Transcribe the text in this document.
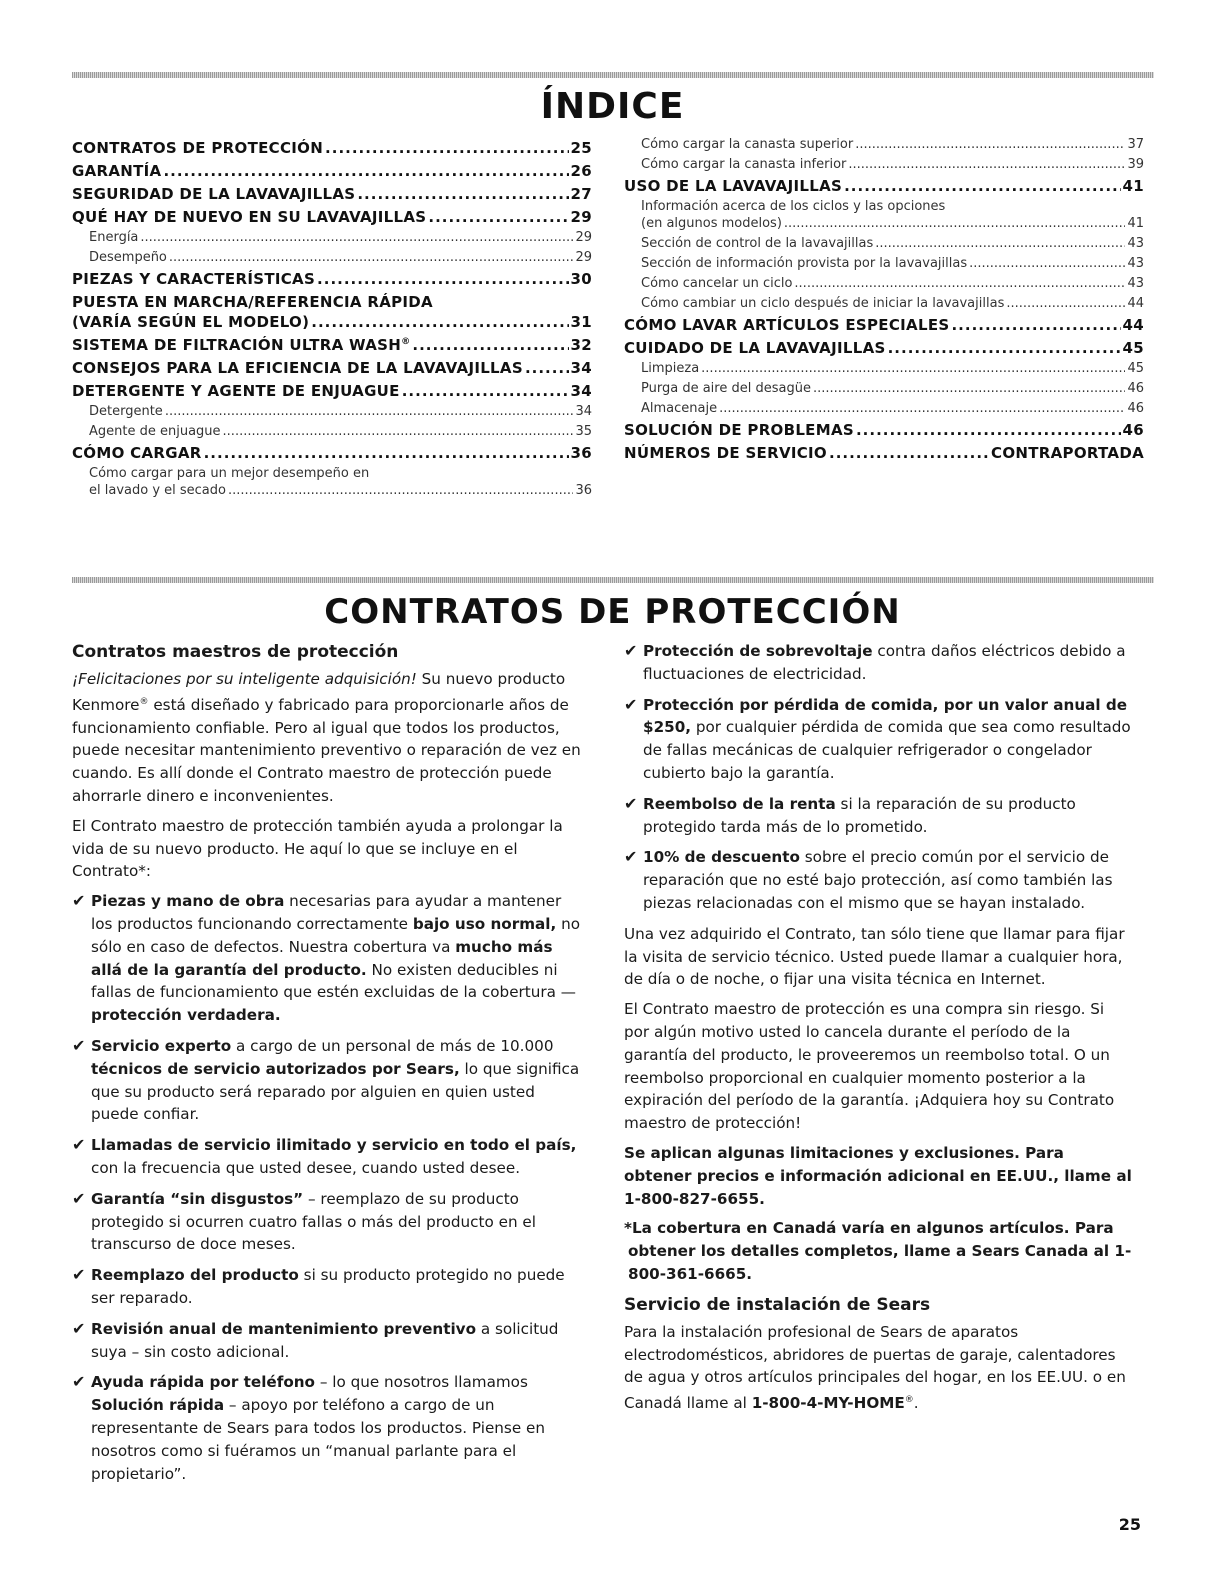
ÍNDICE
CONTRATOS DE PROTECCIÓN .....	25
GARANTÍA .....	26
SEGURIDAD DE LA LAVAVAJILLAS .....	27
QUÉ HAY DE NUEVO EN SU LAVAVAJILLAS .....	29
Energía .....	29
Desempeño .....	29
PIEZAS Y CARACTERÍSTICAS .....	30
PUESTA EN MARCHA/REFERENCIA RÁPIDA
(VARÍA SEGÚN EL MODELO) .....	31
SISTEMA DE FILTRACIÓN ULTRA WASH® .....	32
CONSEJOS PARA LA EFICIENCIA DE LA LAVAVAJILLAS .....	34
DETERGENTE Y AGENTE DE ENJUAGUE .....	34
Detergente .....	34
Agente de enjuague .....	35
CÓMO CARGAR .....	36
Cómo cargar para un mejor desempeño en
el lavado y el secado .....	36
Cómo cargar la canasta superior .....	37
Cómo cargar la canasta inferior .....	39
USO DE LA LAVAVAJILLAS .....	41
Información acerca de los ciclos y las opciones
(en algunos modelos) .....	41
Sección de control de la lavavajillas .....	43
Sección de información provista por la lavavajillas .....	43
Cómo cancelar un ciclo .....	43
Cómo cambiar un ciclo después de iniciar la lavavajillas .....	44
CÓMO LAVAR ARTÍCULOS ESPECIALES .....	44
CUIDADO DE LA LAVAVAJILLAS .....	45
Limpieza .....	45
Purga de aire del desagüe .....	46
Almacenaje .....	46
SOLUCIÓN DE PROBLEMAS .....	46
NÚMEROS DE SERVICIO .....	CONTRAPORTADA
CONTRATOS DE PROTECCIÓN
Contratos maestros de protección

¡Felicitaciones por su inteligente adquisición! Su nuevo producto Kenmore® está diseñado y fabricado para proporcionarle años de funcionamiento confiable. Pero al igual que todos los productos, puede necesitar mantenimiento preventivo o reparación de vez en cuando. Es allí donde el Contrato maestro de protección puede ahorrarle dinero e inconvenientes.

El Contrato maestro de protección también ayuda a prolongar la vida de su nuevo producto. He aquí lo que se incluye en el Contrato*:

✔ Piezas y mano de obra necesarias para ayudar a mantener los productos funcionando correctamente bajo uso normal, no sólo en caso de defectos. Nuestra cobertura va mucho más allá de la garantía del producto. No existen deducibles ni fallas de funcionamiento que estén excluidas de la cobertura — protección verdadera.
✔ Servicio experto a cargo de un personal de más de 10.000 técnicos de servicio autorizados por Sears, lo que significa que su producto será reparado por alguien en quien usted puede confiar.
✔ Llamadas de servicio ilimitado y servicio en todo el país, con la frecuencia que usted desee, cuando usted desee.
✔ Garantía “sin disgustos” – reemplazo de su producto protegido si ocurren cuatro fallas o más del producto en el transcurso de doce meses.
✔ Reemplazo del producto si su producto protegido no puede ser reparado.
✔ Revisión anual de mantenimiento preventivo a solicitud suya – sin costo adicional.
✔ Ayuda rápida por teléfono – lo que nosotros llamamos Solución rápida – apoyo por teléfono a cargo de un representante de Sears para todos los productos. Piense en nosotros como si fuéramos un “manual parlante para el propietario”.
✔ Protección de sobrevoltaje contra daños eléctricos debido a fluctuaciones de electricidad.
✔ Protección por pérdida de comida, por un valor anual de $250, por cualquier pérdida de comida que sea como resultado de fallas mecánicas de cualquier refrigerador o congelador cubierto bajo la garantía.
✔ Reembolso de la renta si la reparación de su producto protegido tarda más de lo prometido.
✔ 10% de descuento sobre el precio común por el servicio de reparación que no esté bajo protección, así como también las piezas relacionadas con el mismo que se hayan instalado.

Una vez adquirido el Contrato, tan sólo tiene que llamar para fijar la visita de servicio técnico. Usted puede llamar a cualquier hora, de día o de noche, o fijar una visita técnica en Internet.

El Contrato maestro de protección es una compra sin riesgo. Si por algún motivo usted lo cancela durante el período de la garantía del producto, le proveeremos un reembolso total. O un reembolso proporcional en cualquier momento posterior a la expiración del período de la garantía. ¡Adquiera hoy su Contrato maestro de protección!

Se aplican algunas limitaciones y exclusiones. Para obtener precios e información adicional en EE.UU., llame al 1-800-827-6655.

*La cobertura en Canadá varía en algunos artículos. Para obtener los detalles completos, llame a Sears Canada al 1-800-361-6665.

Servicio de instalación de Sears

Para la instalación profesional de Sears de aparatos electrodomésticos, abridores de puertas de garaje, calentadores de agua y otros artículos principales del hogar, en los EE.UU. o en Canadá llame al 1-800-4-MY-HOME®.

25
